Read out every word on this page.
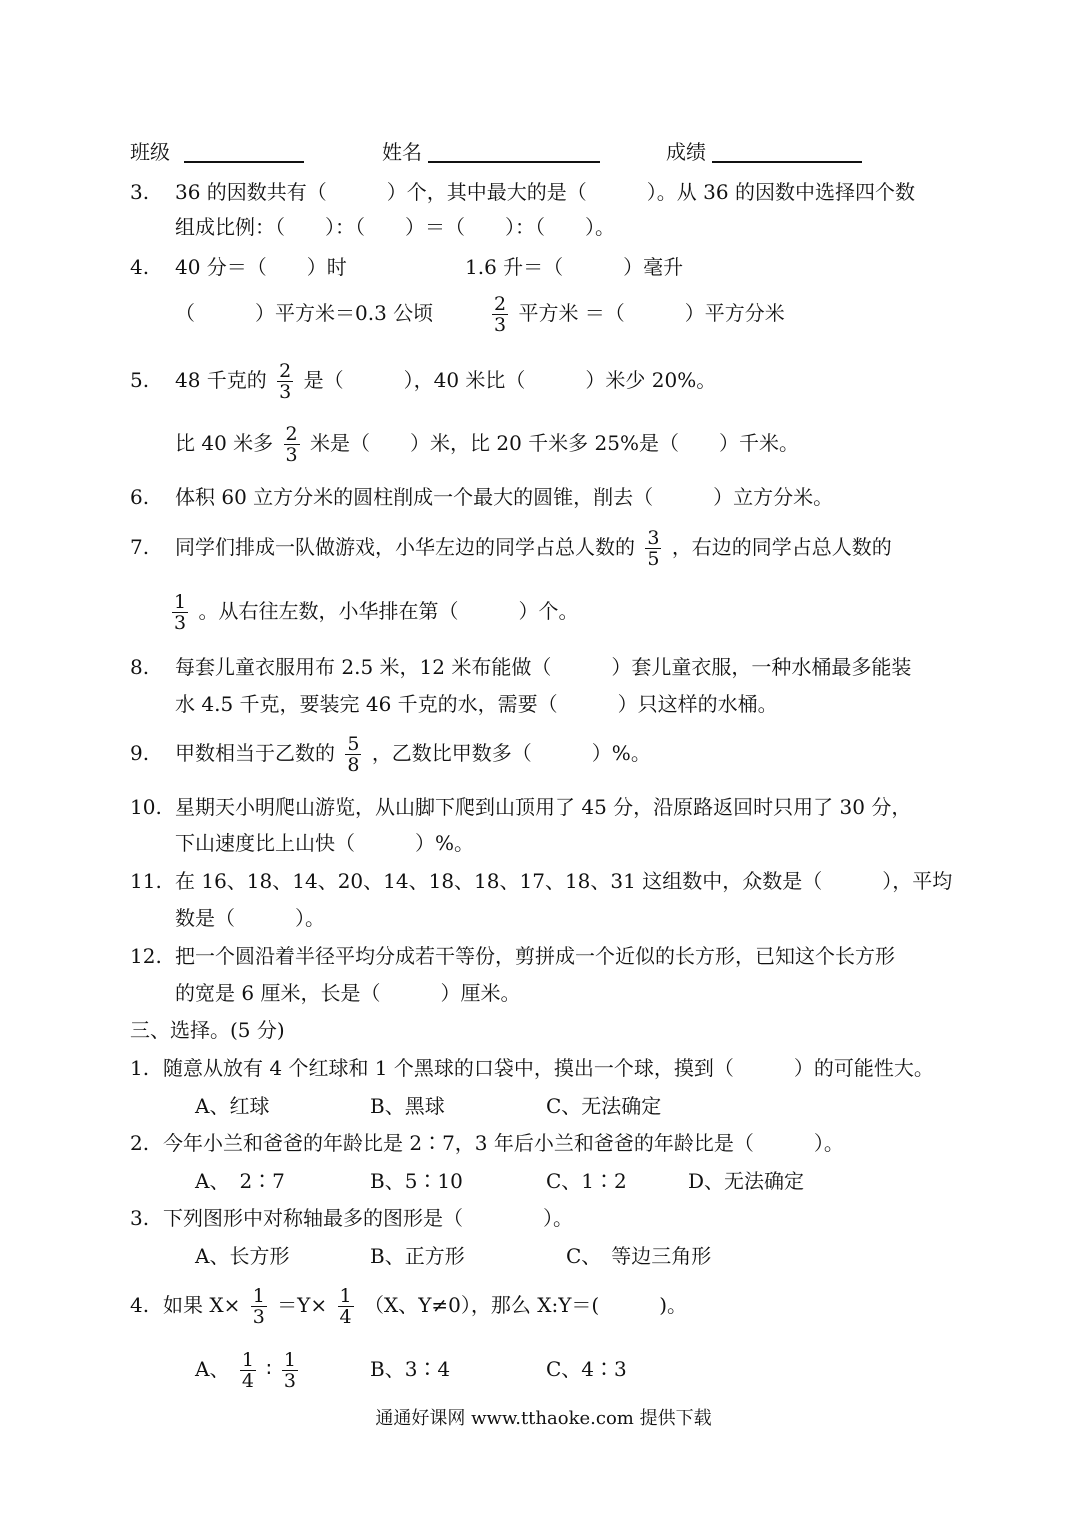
班级	姓名	成绩
3. 36 的因数共有（　　　）个，其中最大的是（　　　）。从 36 的因数中选择四个数
组成比例：（　　）：（　　）＝（　　）：（　　）。
4. 40 分＝（　　）时	1.6 升＝（　　　）毫升
（　　　）平方米＝0.3 公顷	$\frac{2}{3}$ 平方米 ＝（　　　）平方分米
5. 48 千克的 $\frac{2}{3}$ 是（　　　），40 米比（　　　）米少 20%。
比 40 米多 $\frac{2}{3}$ 米是（　　）米，比 20 千米多 25%是（　　）千米。
6. 体积 60 立方分米的圆柱削成一个最大的圆锥，削去（　　　）立方分米。
7. 同学们排成一队做游戏，小华左边的同学占总人数的 $\frac{3}{5}$ ，右边的同学占总人数的
$\frac{1}{3}$ 。从右往左数，小华排在第（　　　）个。
8. 每套儿童衣服用布 2.5 米，12 米布能做（　　　）套儿童衣服，一种水桶最多能装
水 4.5 千克，要装完 46 千克的水，需要（　　　）只这样的水桶。
9. 甲数相当于乙数的 $\frac{5}{8}$ ，乙数比甲数多（　　　）%。
10. 星期天小明爬山游览，从山脚下爬到山顶用了 45 分，沿原路返回时只用了 30 分，
下山速度比上山快（　　　）%。
11. 在 16、18、14、20、14、18、18、17、18、31 这组数中，众数是（　　　），平均
数是（　　　）。
12. 把一个圆沿着半径平均分成若干等份，剪拼成一个近似的长方形，已知这个长方形
的宽是 6 厘米，长是（　　　）厘米。
三、选择。(5 分)
1. 随意从放有 4 个红球和 1 个黑球的口袋中，摸出一个球，摸到（　　　）的可能性大。
A、红球	B、黑球	C、无法确定
2. 今年小兰和爸爸的年龄比是 2∶7，3 年后小兰和爸爸的年龄比是（　　　）。
A、　2∶7	B、5∶10	C、1∶2	D、无法确定
3. 下列图形中对称轴最多的图形是（　　　　）。
A、长方形	B、正方形	C、　等边三角形
4. 如果 $X\times \frac{1}{3} =Y\times \frac{1}{4} (X$、Y≠0），那么 X:Y＝(　　　)。
A、 $\frac{1}{4}$ ∶ $\frac{1}{3}$	B、3∶4	C、4∶3
通通好课网 www.tthaoke.com 提供下载
